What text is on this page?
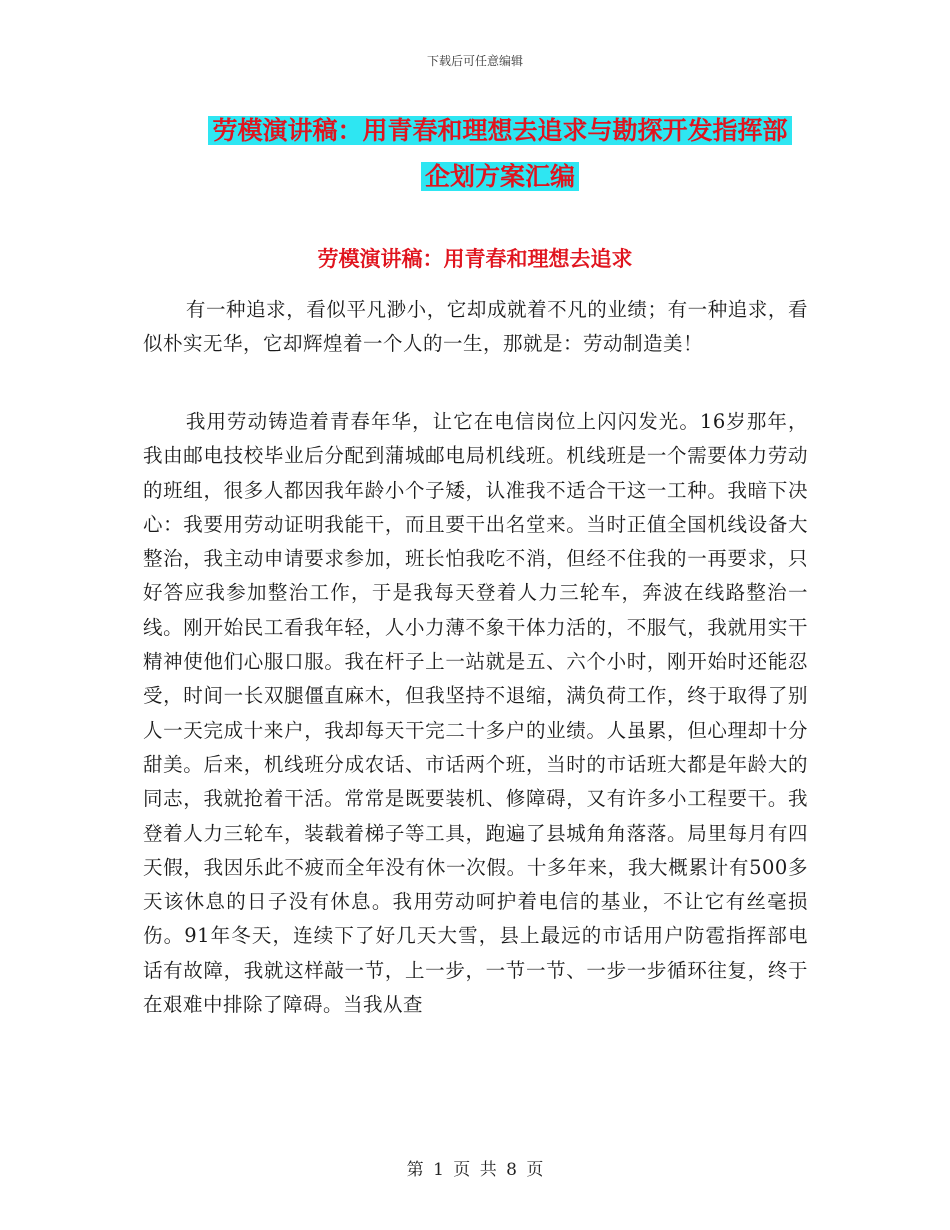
下载后可任意编辑
劳模演讲稿：用青春和理想去追求与勘探开发指挥部
企划方案汇编
劳模演讲稿：用青春和理想去追求

有一种追求，看似平凡渺小，它却成就着不凡的业绩；有一种追求，看似朴实无华，它却辉煌着一个人的一生，那就是：劳动制造美！

我用劳动铸造着青春年华，让它在电信岗位上闪闪发光。16岁那年，我由邮电技校毕业后分配到蒲城邮电局机线班。机线班是一个需要体力劳动的班组，很多人都因我年龄小个子矮，认准我不适合干这一工种。我暗下决心：我要用劳动证明我能干，而且要干出名堂来。当时正值全国机线设备大整治，我主动申请要求参加，班长怕我吃不消，但经不住我的一再要求，只好答应我参加整治工作，于是我每天登着人力三轮车，奔波在线路整治一线。刚开始民工看我年轻，人小力薄不象干体力活的，不服气，我就用实干精神使他们心服口服。我在杆子上一站就是五、六个小时，刚开始时还能忍受，时间一长双腿僵直麻木，但我坚持不退缩，满负荷工作，终于取得了别人一天完成十来户，我却每天干完二十多户的业绩。人虽累，但心理却十分甜美。后来，机线班分成农话、市话两个班，当时的市话班大都是年龄大的同志，我就抢着干活。常常是既要装机、修障碍，又有许多小工程要干。我登着人力三轮车，装载着梯子等工具，跑遍了县城角角落落。局里每月有四天假，我因乐此不疲而全年没有休一次假。十多年来，我大概累计有500多天该休息的日子没有休息。我用劳动呵护着电信的基业，不让它有丝毫损伤。91年冬天，连续下了好几天大雪，县上最远的市话用户防雹指挥部电话有故障，我就这样敲一节，上一步，一节一节、一步一步循环往复，终于在艰难中排除了障碍。当我从查

第 1 页 共 8 页
